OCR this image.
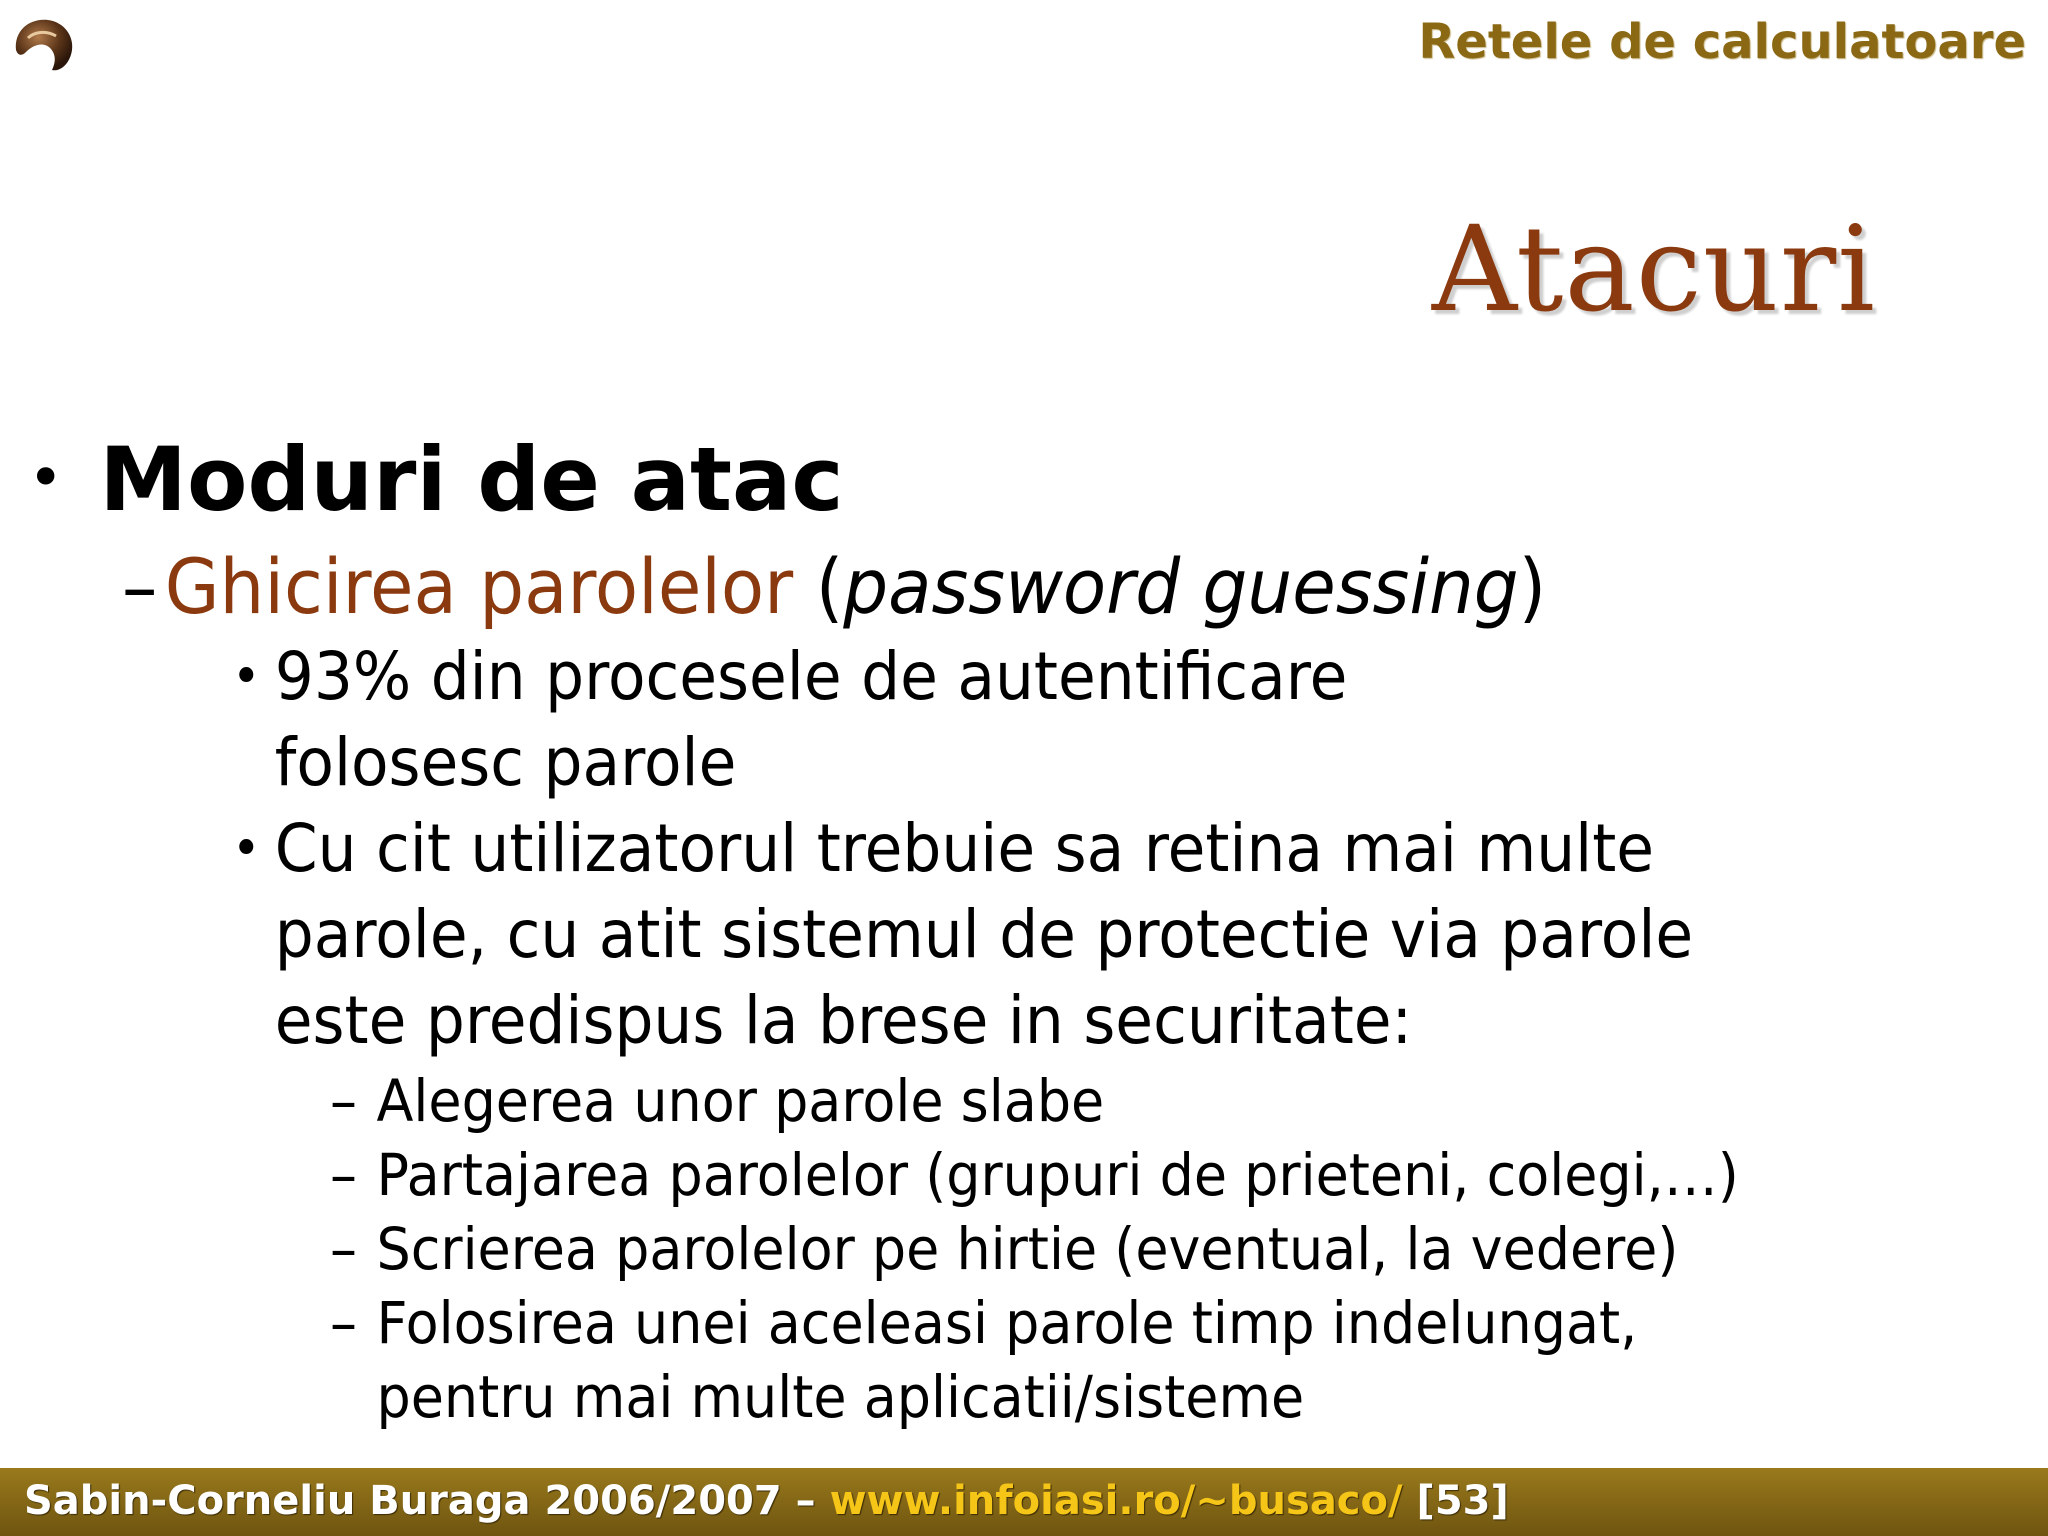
Retele de calculatoare
Atacuri
• Moduri de atac
–Ghicirea parolelor (password guessing)
• 93% din procesele de autentificare
folosesc parole
• Cu cit utilizatorul trebuie sa retina mai multe
parole, cu atit sistemul de protectie via parole
este predispus la brese in securitate:
– Alegerea unor parole slabe
– Partajarea parolelor (grupuri de prieteni, colegi,…)
– Scrierea parolelor pe hirtie (eventual, la vedere)
– Folosirea unei aceleasi parole timp indelungat,
pentru mai multe aplicatii/sisteme
Sabin-Corneliu Buraga 2006/2007 – www.infoiasi.ro/~busaco/ [53]
